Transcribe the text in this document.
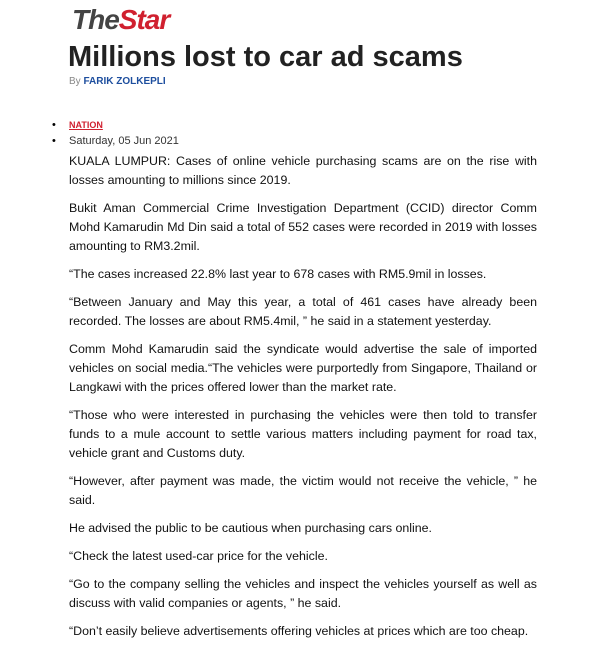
TheStar
Millions lost to car ad scams
By FARIK ZOLKEPLI
• NATION
• Saturday, 05 Jun 2021

KUALA LUMPUR: Cases of online vehicle purchasing scams are on the rise with losses amounting to millions since 2019.

Bukit Aman Commercial Crime Investigation Department (CCID) director Comm Mohd Kamarudin Md Din said a total of 552 cases were recorded in 2019 with losses amounting to RM3.2mil.

“The cases increased 22.8% last year to 678 cases with RM5.9mil in losses.

“Between January and May this year, a total of 461 cases have already been recorded. The losses are about RM5.4mil, ” he said in a statement yesterday.

Comm Mohd Kamarudin said the syndicate would advertise the sale of imported vehicles on social media.“The vehicles were purportedly from Singapore, Thailand or Langkawi with the prices offered lower than the market rate.

“Those who were interested in purchasing the vehicles were then told to transfer funds to a mule account to settle various matters including payment for road tax, vehicle grant and Customs duty.

“However, after payment was made, the victim would not receive the vehicle, ” he said.

He advised the public to be cautious when purchasing cars online.

“Check the latest used-car price for the vehicle.

“Go to the company selling the vehicles and inspect the vehicles yourself as well as discuss with valid companies or agents, ” he said.

“Don’t easily believe advertisements offering vehicles at prices which are too cheap.
